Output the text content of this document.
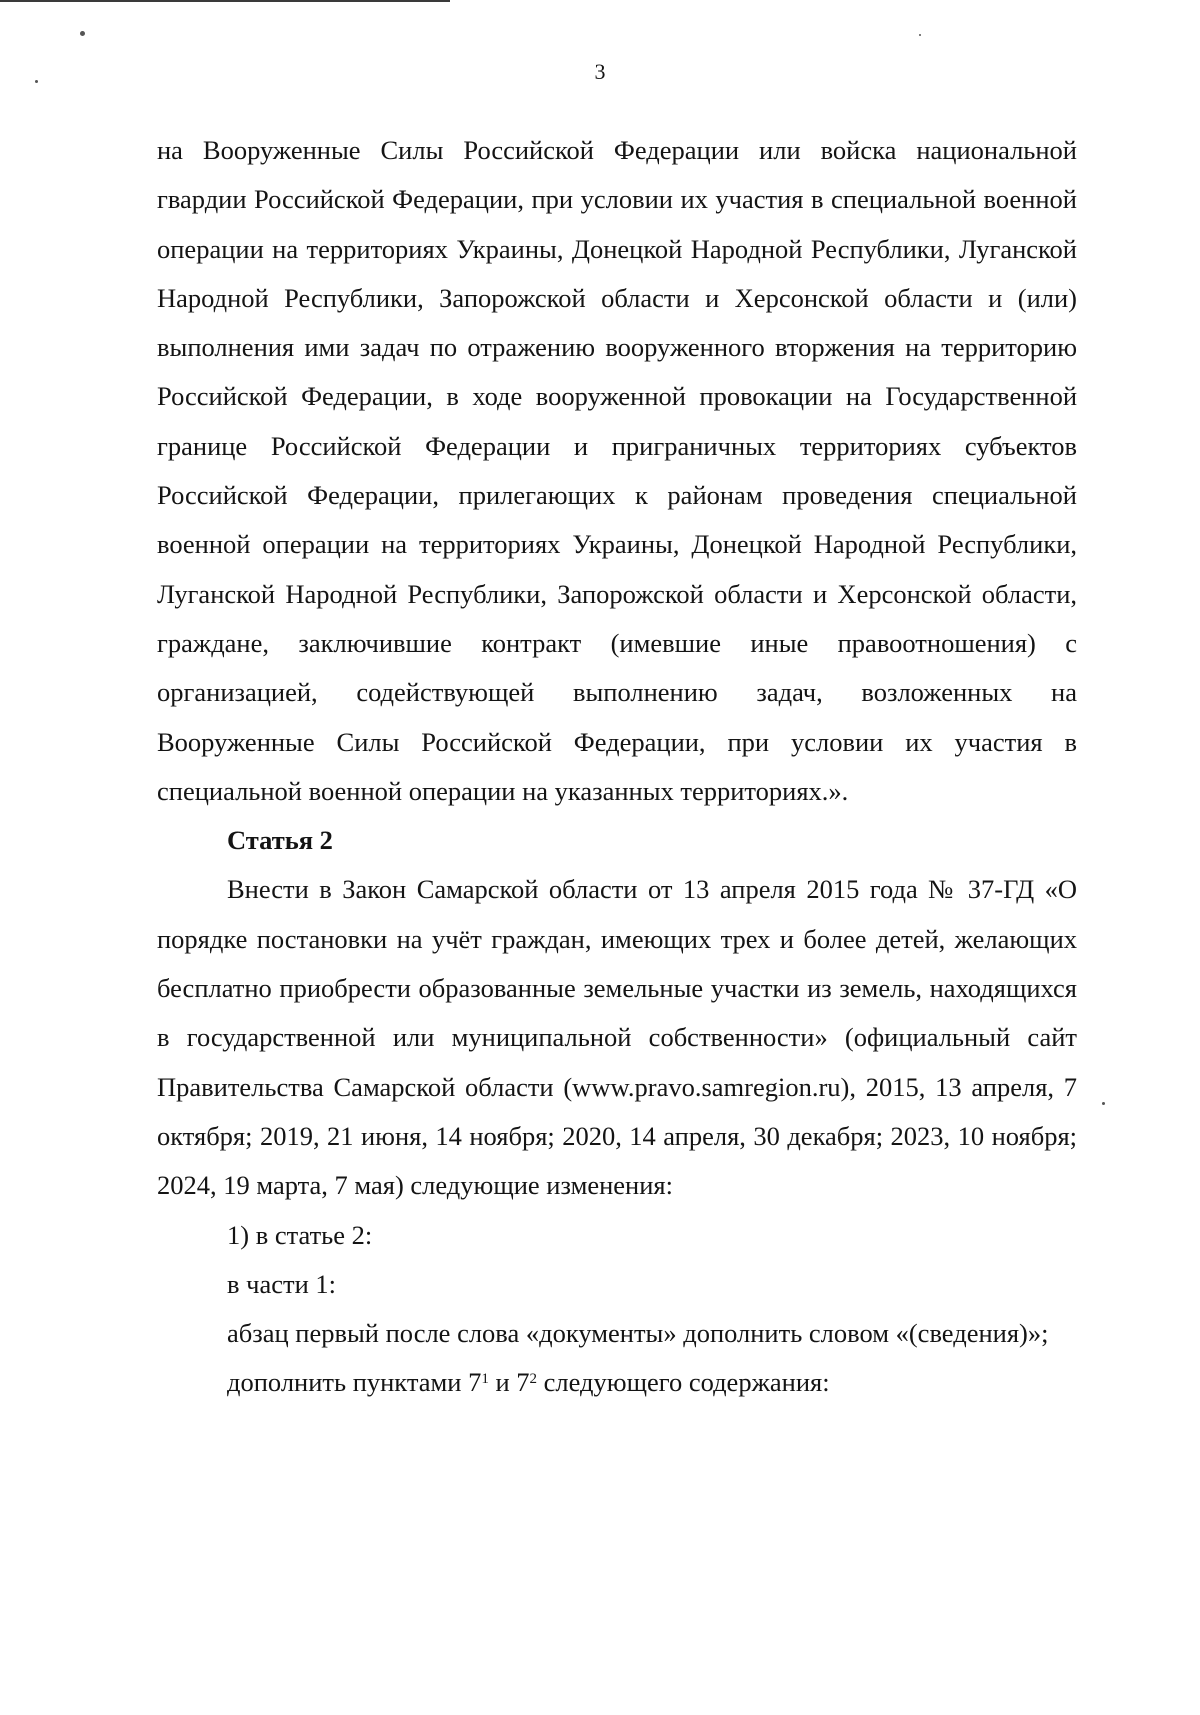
3

на Вооруженные Силы Российской Федерации или войска национальной гвардии Российской Федерации, при условии их участия в специальной военной операции на территориях Украины, Донецкой Народной Республики, Луганской Народной Республики, Запорожской области и Херсонской области и (или) выполнения ими задач по отражению вооруженного вторжения на территорию Российской Федерации, в ходе вооруженной провокации на Государственной границе Российской Федерации и приграничных территориях субъектов Российской Федерации, прилегающих к районам проведения специальной военной операции на территориях Украины, Донецкой Народной Республики, Луганской Народной Республики, Запорожской области и Херсонской области, граждане, заключившие контракт (имевшие иные правоотношения) с организацией, содействующей выполнению задач, возложенных на Вооруженные Силы Российской Федерации, при условии их участия в специальной военной операции на указанных территориях.».

Статья 2

Внести в Закон Самарской области от 13 апреля 2015 года № 37-ГД «О порядке постановки на учёт граждан, имеющих трех и более детей, желающих бесплатно приобрести образованные земельные участки из земель, находящихся в государственной или муниципальной собственности» (официальный сайт Правительства Самарской области (www.pravo.samregion.ru), 2015, 13 апреля, 7 октября; 2019, 21 июня, 14 ноября; 2020, 14 апреля, 30 декабря; 2023, 10 ноября; 2024, 19 марта, 7 мая) следующие изменения:

1) в статье 2:

в части 1:

абзац первый после слова «документы» дополнить словом «(сведения)»;

дополнить пунктами $7^1$ и $7^2$ следующего содержания:
